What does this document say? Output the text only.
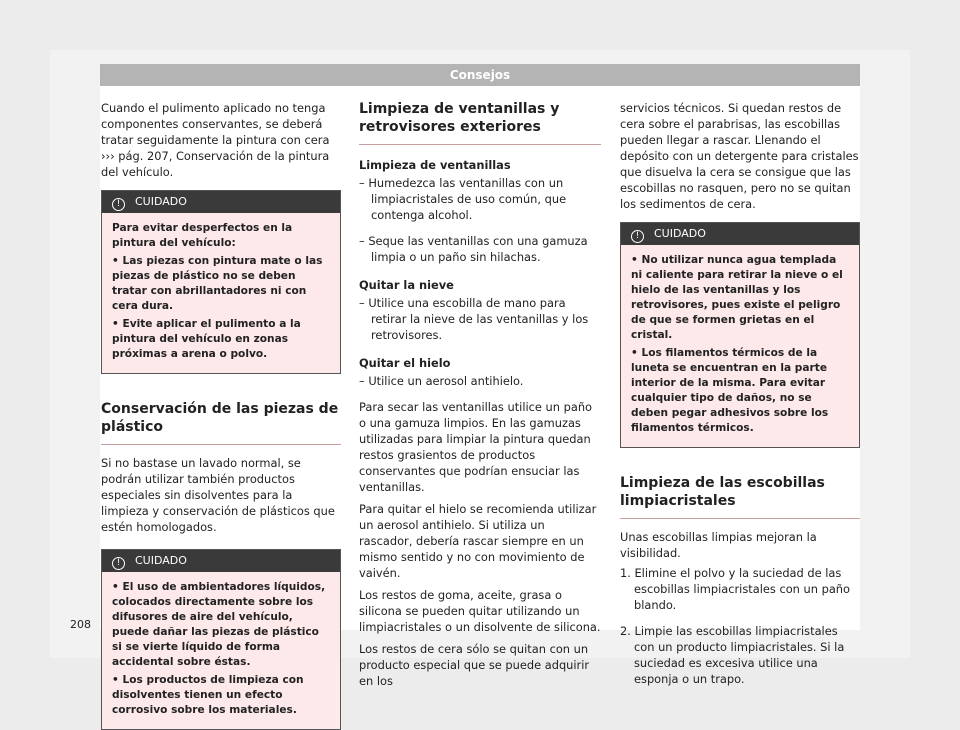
Consejos

Cuando el pulimento aplicado no tenga componentes conservantes, se deberá tratar seguidamente la pintura con cera ››› pág. 207, Conservación de la pintura del vehículo.

! CUIDADO

Para evitar desperfectos en la pintura del vehículo:

• Las piezas con pintura mate o las piezas de plástico no se deben tratar con abrillantadores ni con cera dura.

• Evite aplicar el pulimento a la pintura del vehículo en zonas próximas a arena o polvo.

Conservación de las piezas de plástico

Si no bastase un lavado normal, se podrán utilizar también productos especiales sin disolventes para la limpieza y conservación de plásticos que estén homologados.

! CUIDADO

• El uso de ambientadores líquidos, colocados directamente sobre los difusores de aire del vehículo, puede dañar las piezas de plástico si se vierte líquido de forma accidental sobre éstas.

• Los productos de limpieza con disolventes tienen un efecto corrosivo sobre los materiales.

Limpieza de ventanillas y retrovisores exteriores
Limpieza de ventanillas

– Humedezca las ventanillas con un limpiacristales de uso común, que contenga alcohol.

– Seque las ventanillas con una gamuza limpia o un paño sin hilachas.

Quitar la nieve

– Utilice una escobilla de mano para retirar la nieve de las ventanillas y los retrovisores.

Quitar el hielo

– Utilice un aerosol antihielo.

Para secar las ventanillas utilice un paño o una gamuza limpios. En las gamuzas utilizadas para limpiar la pintura quedan restos grasientos de productos conservantes que podrían ensuciar las ventanillas.

Para quitar el hielo se recomienda utilizar un aerosol antihielo. Si utiliza un rascador, debería rascar siempre en un mismo sentido y no con movimiento de vaivén.

Los restos de goma, aceite, grasa o silicona se pueden quitar utilizando un limpiacristales o un disolvente de silicona.

Los restos de cera sólo se quitan con un producto especial que se puede adquirir en los

servicios técnicos. Si quedan restos de cera sobre el parabrisas, las escobillas pueden llegar a rascar. Llenando el depósito con un detergente para cristales que disuelva la cera se consigue que las escobillas no rasquen, pero no se quitan los sedimentos de cera.

! CUIDADO

• No utilizar nunca agua templada ni caliente para retirar la nieve o el hielo de las ventanillas y los retrovisores, pues existe el peligro de que se formen grietas en el cristal.

• Los filamentos térmicos de la luneta se encuentran en la parte interior de la misma. Para evitar cualquier tipo de daños, no se deben pegar adhesivos sobre los filamentos térmicos.

Limpieza de las escobillas limpiacristales

Unas escobillas limpias mejoran la visibilidad.

1. Elimine el polvo y la suciedad de las escobillas limpiacristales con un paño blando.

2. Limpie las escobillas limpiacristales con un producto limpiacristales. Si la suciedad es excesiva utilice una esponja o un trapo.

208
